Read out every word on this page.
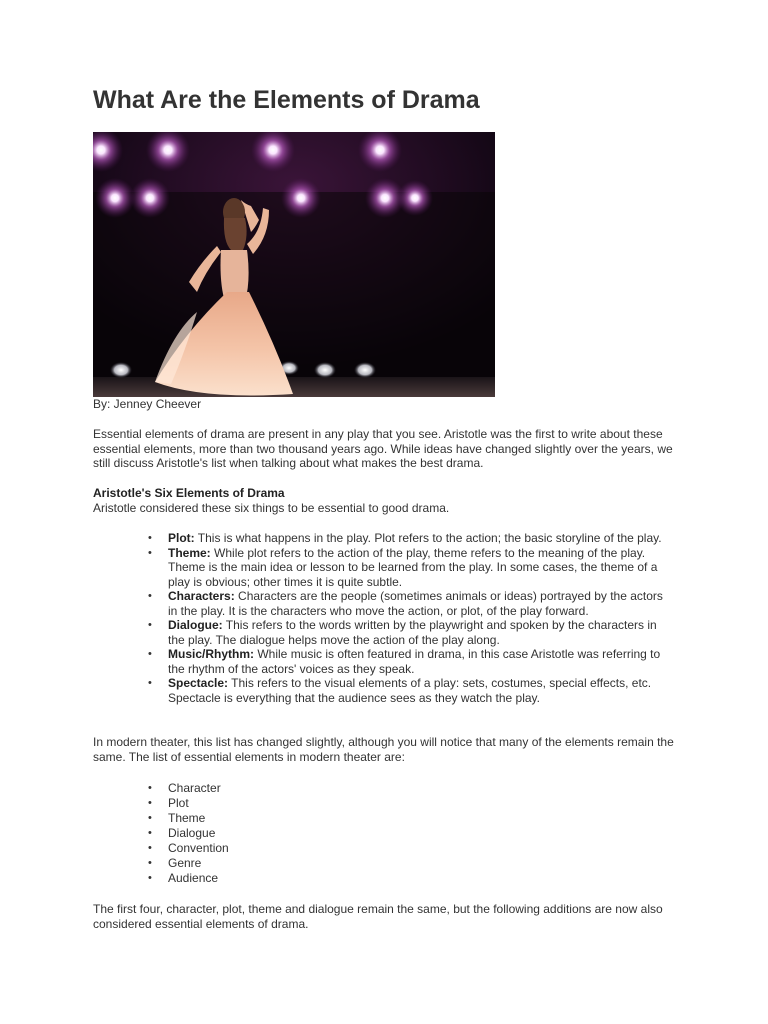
What Are the Elements of Drama
By: Jenney Cheever
Essential elements of drama are present in any play that you see. Aristotle was the first to write about these essential elements, more than two thousand years ago. While ideas have changed slightly over the years, we still discuss Aristotle's list when talking about what makes the best drama.
Aristotle's Six Elements of Drama
Aristotle considered these six things to be essential to good drama.
• Plot: This is what happens in the play. Plot refers to the action; the basic storyline of the play.
• Theme: While plot refers to the action of the play, theme refers to the meaning of the play. Theme is the main idea or lesson to be learned from the play. In some cases, the theme of a play is obvious; other times it is quite subtle.
• Characters: Characters are the people (sometimes animals or ideas) portrayed by the actors in the play. It is the characters who move the action, or plot, of the play forward.
• Dialogue: This refers to the words written by the playwright and spoken by the characters in the play. The dialogue helps move the action of the play along.
• Music/Rhythm: While music is often featured in drama, in this case Aristotle was referring to the rhythm of the actors' voices as they speak.
• Spectacle: This refers to the visual elements of a play: sets, costumes, special effects, etc. Spectacle is everything that the audience sees as they watch the play.
In modern theater, this list has changed slightly, although you will notice that many of the elements remain the same. The list of essential elements in modern theater are:
• Character
• Plot
• Theme
• Dialogue
• Convention
• Genre
• Audience
The first four, character, plot, theme and dialogue remain the same, but the following additions are now also considered essential elements of drama.
